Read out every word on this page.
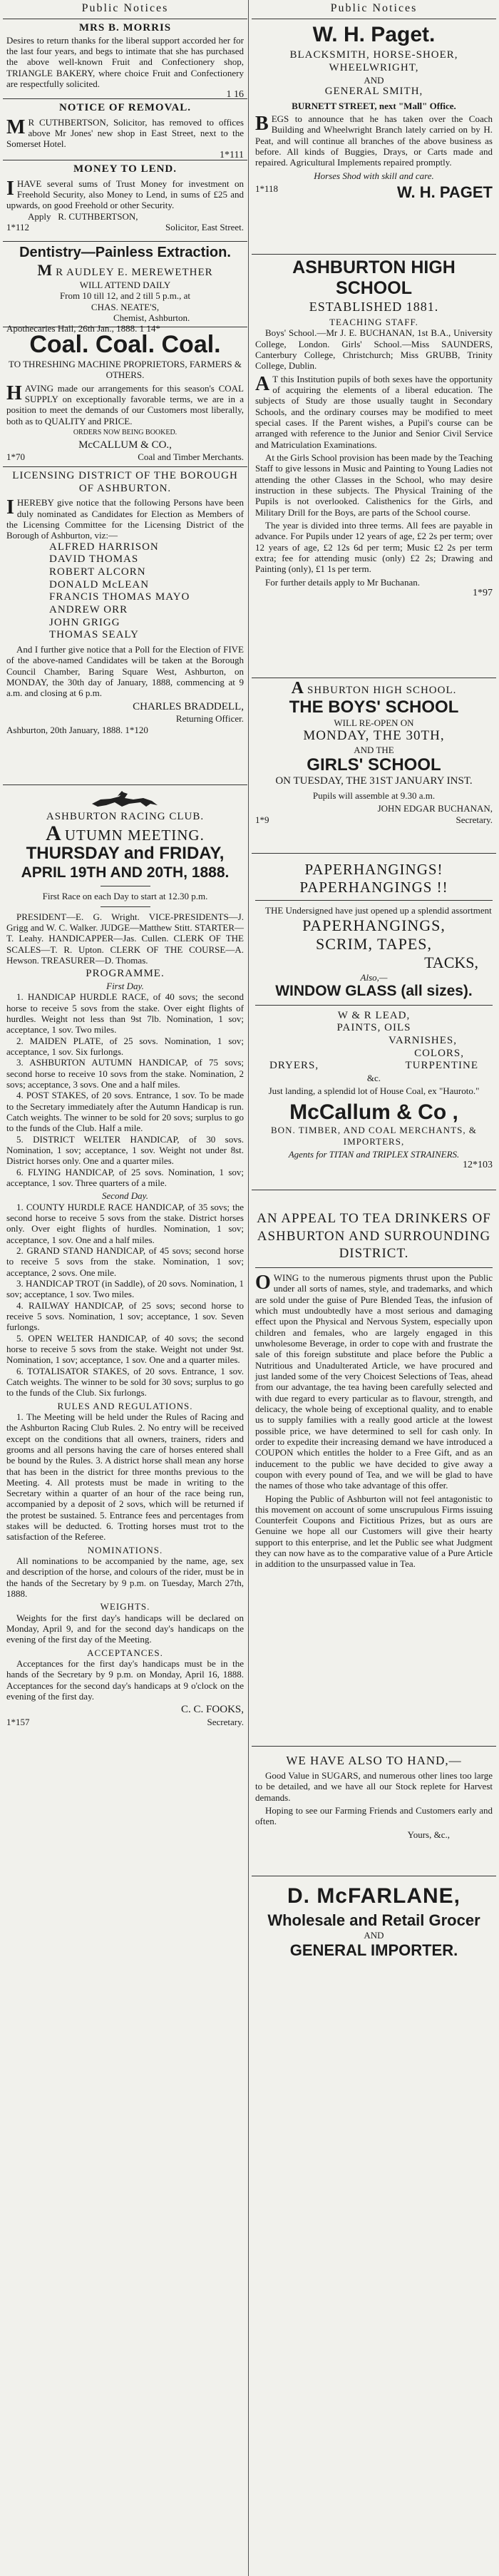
Public Notices
MRS B. MORRIS
Desires to return thanks for the liberal support accorded her for the last four years, and begs to intimate that she has purchased the above well-known Fruit and Confectionery shop, TRIANGLE BAKERY, where choice Fruit and Confectionery are respectfully solicited.
1 16
NOTICE OF REMOVAL.
M R CUTHBERTSON, Solicitor, has removed to offices above Mr Jones' new shop in East Street, next to the Somerset Hotel.
1*111
MONEY TO LEND.
IHAVE several sums of Trust Money for investment on Freehold Security, also Money to Lend, in sums of £25 and upwards, on good Freehold or other Security.
Apply R. CUTHBERTSON,
1*112	Solicitor, East Street.
Dentistry—Painless Extraction.
M R AUDLEY E. MEREWETHER
WILL ATTEND DAILY
From 10 till 12, and 2 till 5 p.m., at
CHAS. NEATE'S,
Chemist, Ashburton.
Apothecaries Hall, 26th Jan., 1888. 1 14*
Coal. Coal. Coal.
TO THRESHING MACHINE PROPRIETORS, FARMERS & OTHERS.
HAVING made our arrangements for this season's COAL SUPPLY on exceptionally favorable terms, we are in a position to meet the demands of our Customers most liberally, both as to QUALITY and PRICE.
ORDERS NOW BEING BOOKED.
McCALLUM & CO.,
1*70	Coal and Timber Merchants.
LICENSING DISTRICT OF THE BOROUGH OF ASHBURTON.
IHEREBY give notice that the following Persons have been duly nominated as Candidates for Election as Members of the Licensing Committee for the Licensing District of the Borough of Ashburton, viz:—
ALFRED HARRISON
DAVID THOMAS
ROBERT ALCORN
DONALD McLEAN
FRANCIS THOMAS MAYO
ANDREW ORR
JOHN GRIGG
THOMAS SEALY
And I further give notice that a Poll for the Election of FIVE of the above-named Candidates will be taken at the Borough Council Chamber, Baring Square West, Ashburton, on MONDAY, the 30th day of January, 1888, commencing at 9 a.m. and closing at 6 p.m.
CHARLES BRADDELL,
Returning Officer.
Ashburton, 20th January, 1888. 1*120
ASHBURTON RACING CLUB.
A UTUMN MEETING.
THURSDAY and FRIDAY,
APRIL 19TH AND 20TH, 1888.
First Race on each Day to start at 12.30 p.m.
PRESIDENT—E. G. Wright. VICE-PRESIDENTS—J. Grigg and W. C. Walker. JUDGE—Matthew Stitt. STARTER—T. Leahy. HANDICAPPER—Jas. Cullen. CLERK OF THE SCALES—T. R. Upton. CLERK OF THE COURSE—A. Hewson. TREASURER—D. Thomas.
PROGRAMME.
First Day.
1. HANDICAP HURDLE RACE, of 40 sovs; the second horse to receive 5 sovs from the stake. Over eight flights of hurdles. Weight not less than 9st 7lb. Nomination, 1 sov; acceptance, 1 sov. Two miles.
2. MAIDEN PLATE, of 25 sovs. Nomination, 1 sov; acceptance, 1 sov. Six furlongs.
3. ASHBURTON AUTUMN HANDICAP, of 75 sovs; second horse to receive 10 sovs from the stake. Nomination, 2 sovs; acceptance, 3 sovs. One and a half miles.
4. POST STAKES, of 20 sovs. Entrance, 1 sov. To be made to the Secretary immediately after the Autumn Handicap is run. Catch weights. The winner to be sold for 20 sovs; surplus to go to the funds of the Club. Half a mile.
5. DISTRICT WELTER HANDICAP, of 30 sovs. Nomination, 1 sov; acceptance, 1 sov. Weight not under 8st. District horses only. One and a quarter miles.
6. FLYING HANDICAP, of 25 sovs. Nomination, 1 sov; acceptance, 1 sov. Three quarters of a mile.
Second Day.
1. COUNTY HURDLE RACE HANDICAP, of 35 sovs; the second horse to receive 5 sovs from the stake. District horses only. Over eight flights of hurdles. Nomination, 1 sov; acceptance, 1 sov. One and a half miles.
2. GRAND STAND HANDICAP, of 45 sovs; second horse to receive 5 sovs from the stake. Nomination, 1 sov; acceptance, 2 sovs. One mile.
3. HANDICAP TROT (in Saddle), of 20 sovs. Nomination, 1 sov; acceptance, 1 sov. Two miles.
4. RAILWAY HANDICAP, of 25 sovs; second horse to receive 5 sovs. Nomination, 1 sov; acceptance, 1 sov. Seven furlongs.
5. OPEN WELTER HANDICAP, of 40 sovs; the second horse to receive 5 sovs from the stake. Weight not under 9st. Nomination, 1 sov; acceptance, 1 sov. One and a quarter miles.
6. TOTALISATOR STAKES, of 20 sovs. Entrance, 1 sov. Catch weights. The winner to be sold for 30 sovs; surplus to go to the funds of the Club. Six furlongs.
RULES AND REGULATIONS.
1. The Meeting will be held under the Rules of Racing and the Ashburton Racing Club Rules. 2. No entry will be received except on the conditions that all owners, trainers, riders and grooms and all persons having the care of horses entered shall be bound by the Rules. 3. A district horse shall mean any horse that has been in the district for three months previous to the Meeting. 4. All protests must be made in writing to the Secretary within a quarter of an hour of the race being run, accompanied by a deposit of 2 sovs, which will be returned if the protest be sustained. 5. Entrance fees and percentages from stakes will be deducted. 6. Trotting horses must trot to the satisfaction of the Referee.
NOMINATIONS.
All nominations to be accompanied by the name, age, sex and description of the horse, and colours of the rider, must be in the hands of the Secretary by 9 p.m. on Tuesday, March 27th, 1888.
WEIGHTS.
Weights for the first day's handicaps will be declared on Monday, April 9, and for the second day's handicaps on the evening of the first day of the Meeting.
ACCEPTANCES.
Acceptances for the first day's handicaps must be in the hands of the Secretary by 9 p.m. on Monday, April 16, 1888. Acceptances for the second day's handicaps at 9 o'clock on the evening of the first day.
C. C. FOOKS,
1*157	Secretary.
Public Notices
W. H. Paget.
BLACKSMITH, HORSE-SHOER, WHEELWRIGHT,
AND
GENERAL SMITH,
BURNETT STREET, next "Mall" Office.
BEGS to announce that he has taken over the Coach Building and Wheelwright Branch lately carried on by H. Peat, and will continue all branches of the above business as before. All kinds of Buggies, Drays, or Carts made and repaired. Agricultural Implements repaired promptly.
Horses Shod with skill and care.
1*118	W. H. PAGET
ASHBURTON HIGH SCHOOL
ESTABLISHED 1881.
TEACHING STAFF.
Boys' School.—Mr J. E. BUCHANAN, 1st B.A., University College, London. Girls' School.—Miss SAUNDERS, Canterbury College, Christchurch; Miss GRUBB, Trinity College, Dublin.
A T this Institution pupils of both sexes have the opportunity of acquiring the elements of a liberal education. The subjects of Study are those usually taught in Secondary Schools, and the ordinary courses may be modified to meet special cases. If the Parent wishes, a Pupil's course can be arranged with reference to the Junior and Senior Civil Service and Matriculation Examinations.
At the Girls School provision has been made by the Teaching Staff to give lessons in Music and Painting to Young Ladies not attending the other Classes in the School, who may desire instruction in these subjects. The Physical Training of the Pupils is not overlooked. Calisthenics for the Girls, and Military Drill for the Boys, are parts of the School course.
The year is divided into three terms. All fees are payable in advance. For Pupils under 12 years of age, £2 2s per term; over 12 years of age, £2 12s 6d per term; Music £2 2s per term extra; fee for attending music (only) £2 2s; Drawing and Painting (only), £1 1s per term.
For further details apply to Mr Buchanan.
1*97
ASHBURTON HIGH SCHOOL.
THE BOYS' SCHOOL
WILL RE-OPEN ON
MONDAY, THE 30TH,
AND THE
GIRLS' SCHOOL
ON TUESDAY, THE 31ST JANUARY INST.
Pupils will assemble at 9.30 a.m.
JOHN EDGAR BUCHANAN,
1*9	Secretary.
PAPERHANGINGS! PAPERHANGINGS !!
THE Undersigned have just opened up a splendid assortment
PAPERHANGINGS,
SCRIM, TAPES,
TACKS,
Also,—
WINDOW GLASS (all sizes).
W & R LEAD,
PAINTS, OILS
VARNISHES,
COLORS,
DRYERS,	TURPENTINE
&c.
Just landing, a splendid lot of House Coal, ex "Hauroto."
McCallum & Co ,
BON. TIMBER, AND COAL MERCHANTS, & IMPORTERS,
Agents for TITAN and TRIPLEX STRAINERS.
12*103
AN APPEAL TO TEA DRINKERS OF ASHBURTON AND SURROUNDING DISTRICT.
OWING to the numerous pigments thrust upon the Public under all sorts of names, style, and trademarks, and which are sold under the guise of Pure Blended Teas, the infusion of which must undoubtedly have a most serious and damaging effect upon the Physical and Nervous System, especially upon children and females, who are largely engaged in this unwholesome Beverage, in order to cope with and frustrate the sale of this foreign substitute and place before the Public a Nutritious and Unadulterated Article, we have procured and just landed some of the very Choicest Selections of Teas, ahead from our advantage, the tea having been carefully selected and with due regard to every particular as to flavour, strength, and delicacy, the whole being of exceptional quality, and to enable us to supply families with a really good article at the lowest possible price, we have determined to sell for cash only. In order to expedite their increasing demand we have introduced a COUPON which entitles the holder to a Free Gift, and as an inducement to the public we have decided to give away a coupon with every pound of Tea, and we will be glad to have the names of those who take advantage of this offer.
Hoping the Public of Ashburton will not feel antagonistic to this movement on account of some unscrupulous Firms issuing Counterfeit Coupons and Fictitious Prizes, but as ours are Genuine we hope all our Customers will give their hearty support to this enterprise, and let the Public see what Judgment they can now have as to the comparative value of a Pure Article in addition to the unsurpassed value in Tea.
WE HAVE ALSO TO HAND,—
Good Value in SUGARS, and numerous other lines too large to be detailed, and we have all our Stock replete for Harvest demands.
Hoping to see our Farming Friends and Customers early and often.
Yours, &c.,
D. McFARLANE,
Wholesale and Retail Grocer
AND
GENERAL IMPORTER.
